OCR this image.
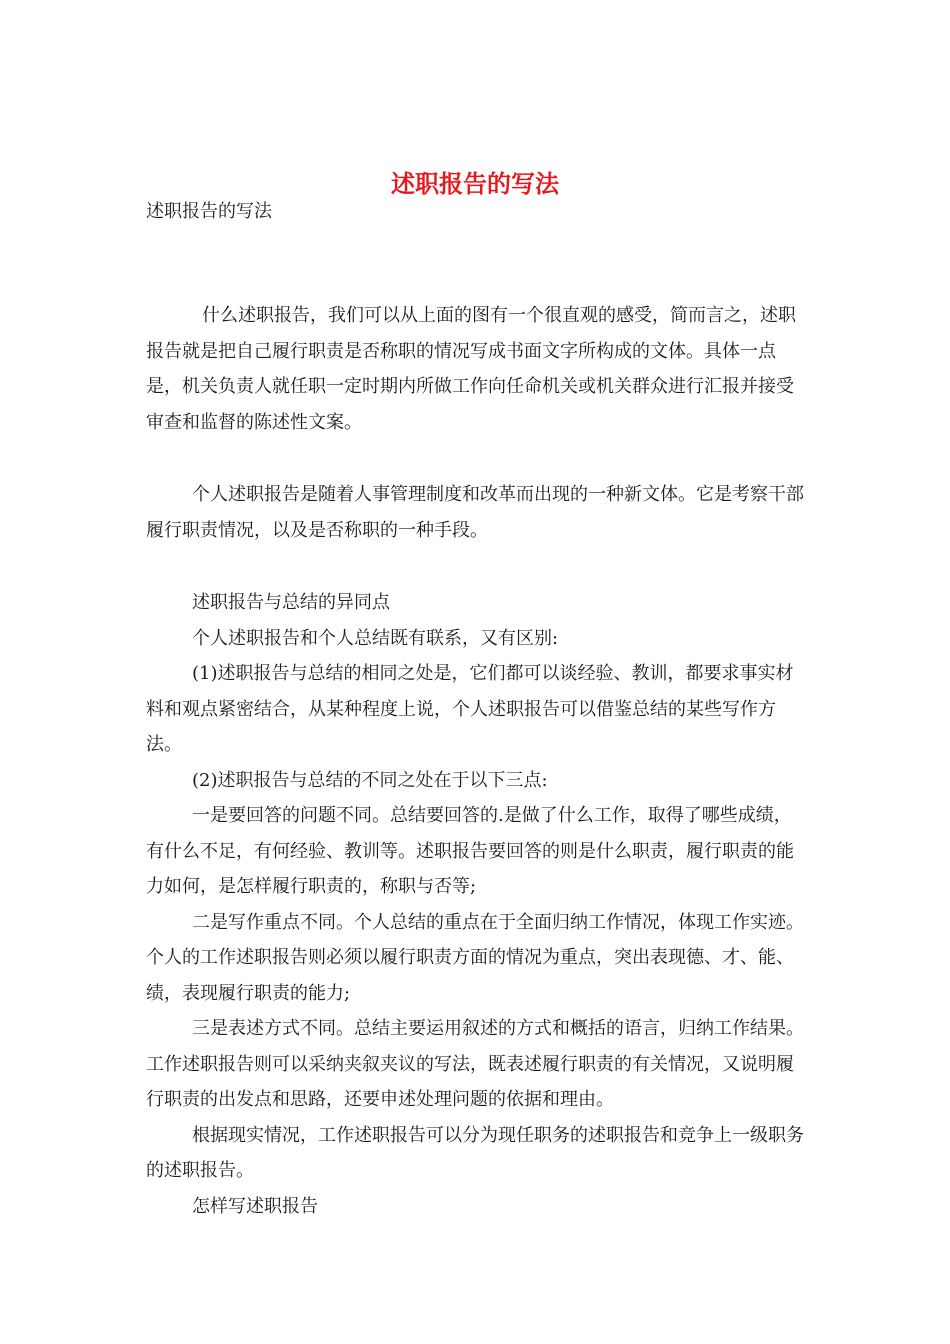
述职报告的写法
述职报告的写法

什么述职报告，我们可以从上面的图有一个很直观的感受，简而言之，述职报告就是把自己履行职责是否称职的情况写成书面文字所构成的文体。具体一点是，机关负责人就任职一定时期内所做工作向任命机关或机关群众进行汇报并接受审查和监督的陈述性文案。

个人述职报告是随着人事管理制度和改革而出现的一种新文体。它是考察干部履行职责情况，以及是否称职的一种手段。

述职报告与总结的异同点

个人述职报告和个人总结既有联系，又有区别:

(1)述职报告与总结的相同之处是，它们都可以谈经验、教训，都要求事实材料和观点紧密结合，从某种程度上说，个人述职报告可以借鉴总结的某些写作方法。

(2)述职报告与总结的不同之处在于以下三点:

一是要回答的问题不同。总结要回答的.是做了什么工作，取得了哪些成绩，有什么不足，有何经验、教训等。述职报告要回答的则是什么职责，履行职责的能力如何，是怎样履行职责的，称职与否等;

二是写作重点不同。个人总结的重点在于全面归纳工作情况，体现工作实迹。个人的工作述职报告则必须以履行职责方面的情况为重点，突出表现德、才、能、绩，表现履行职责的能力;

三是表述方式不同。总结主要运用叙述的方式和概括的语言，归纳工作结果。工作述职报告则可以采纳夹叙夹议的写法，既表述履行职责的有关情况，又说明履行职责的出发点和思路，还要申述处理问题的依据和理由。

根据现实情况，工作述职报告可以分为现任职务的述职报告和竞争上一级职务的述职报告。

怎样写述职报告
